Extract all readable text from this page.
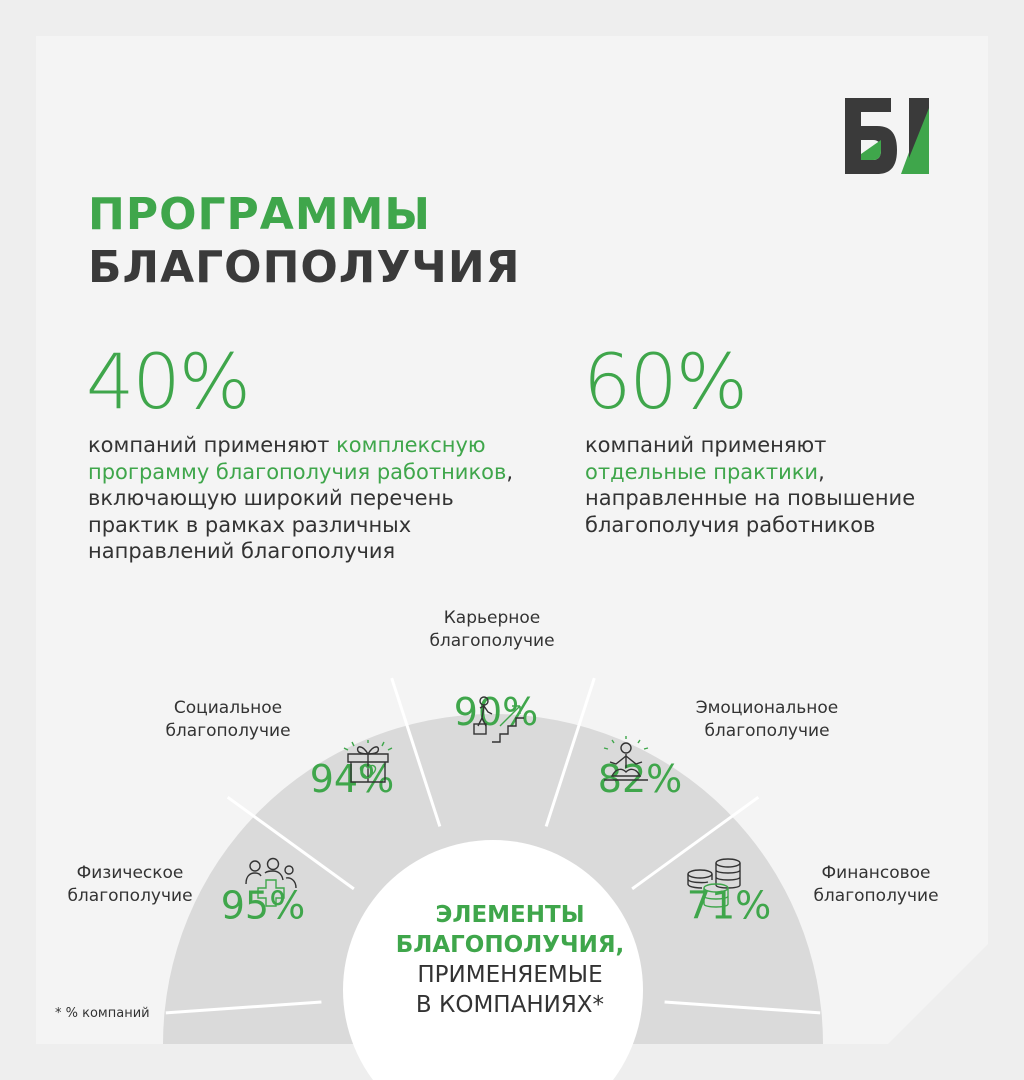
ПРОГРАММЫ
БЛАГОПОЛУЧИЯ
40%
компаний применяют комплексную программу благополучия работников, включающую широкий перечень практик в рамках различных направлений благополучия
60%
компаний применяют отдельные практики, направленные на повышение благополучия работников
Карьерное
благополучие
Социальное
благополучие
Эмоциональное
благополучие
Физическое
благополучие
Финансовое
благополучие
95%
94%
90%
82%
71%
ЭЛЕМЕНТЫ
БЛАГОПОЛУЧИЯ,
ПРИМЕНЯЕМЫЕ
В КОМПАНИЯХ*
* % компаний
